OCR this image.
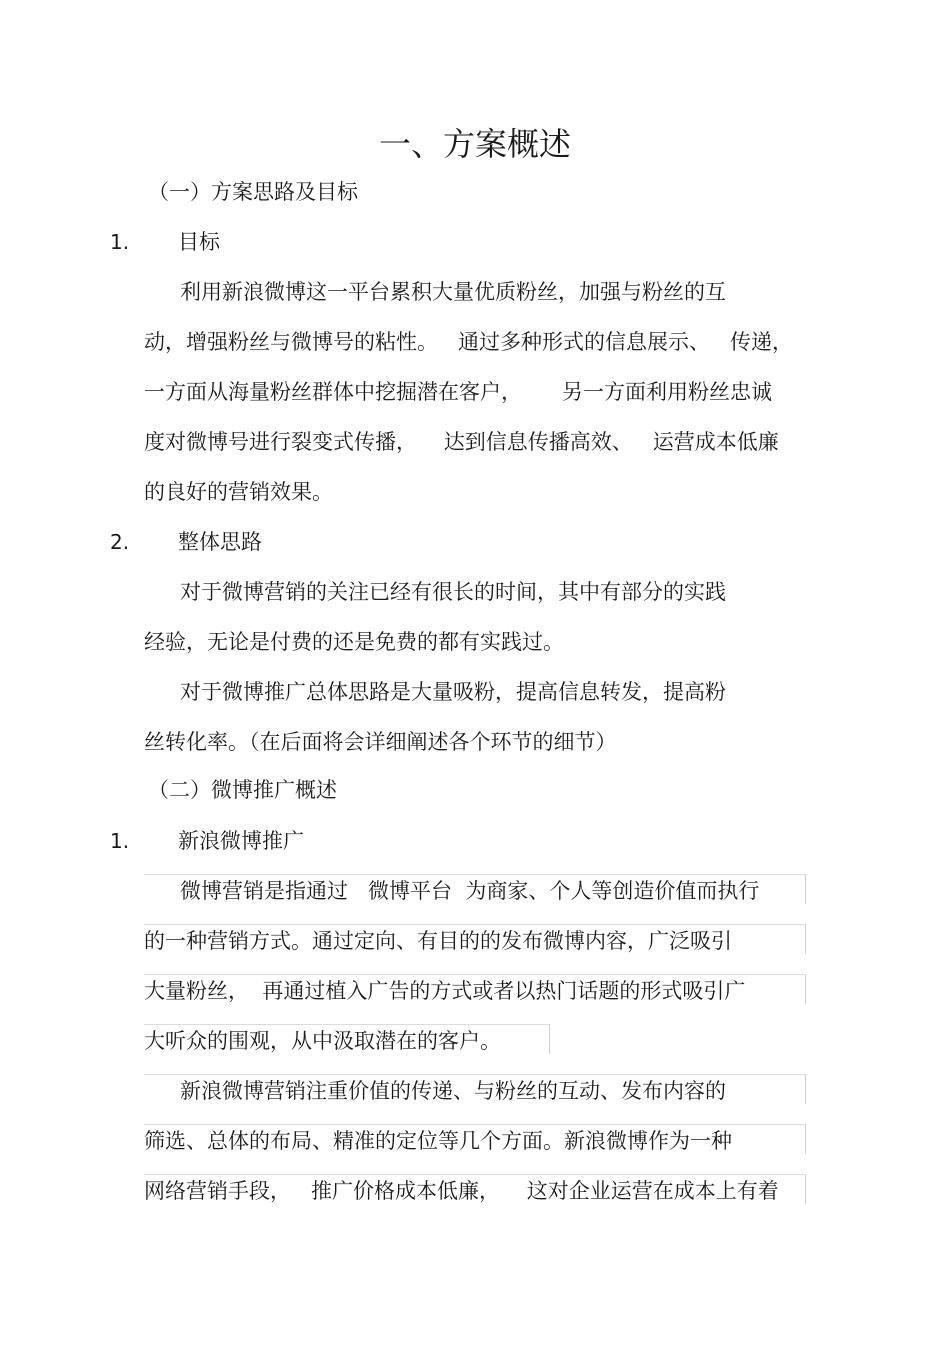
一、方案概述
（一）方案思路及目标
1. 目标
利用新浪微博这一平台累积大量优质粉丝，加强与粉丝的互
动，增强粉丝与微博号的粘性。   通过多种形式的信息展示、   传递，
一方面从海量粉丝群体中挖掘潜在客户，      另一方面利用粉丝忠诚
度对微博号进行裂变式传播，    达到信息传播高效、   运营成本低廉
的良好的营销效果。
2. 整体思路
对于微博营销的关注已经有很长的时间，其中有部分的实践
经验，无论是付费的还是免费的都有实践过。
对于微博推广总体思路是大量吸粉，提高信息转发，提高粉
丝转化率。（在后面将会详细阐述各个环节的细节）
（二）微博推广概述
1. 新浪微博推广
微博营销是指通过   微博平台  为商家、个人等创造价值而执行
的一种营销方式。通过定向、有目的的发布微博内容，广泛吸引
大量粉丝，  再通过植入广告的方式或者以热门话题的形式吸引广
大听众的围观，从中汲取潜在的客户。
新浪微博营销注重价值的传递、与粉丝的互动、发布内容的
筛选、总体的布局、精准的定位等几个方面。新浪微博作为一种
网络营销手段，   推广价格成本低廉，    这对企业运营在成本上有着
